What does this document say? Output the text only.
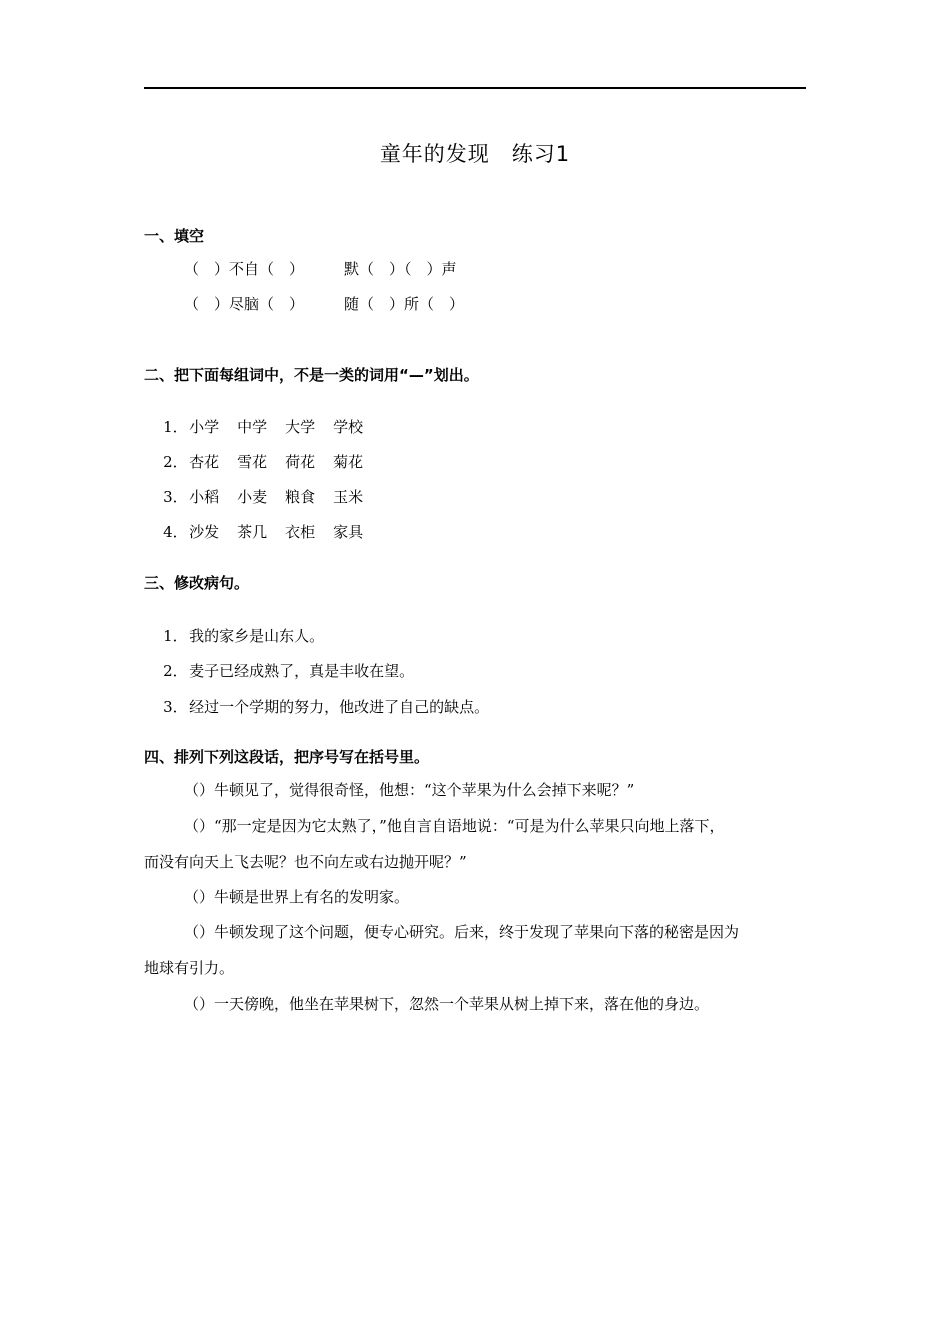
童年的发现　练习1
一、填空
（　）不自（　）	默（　）（　）声
（　）尽脑（　）	随（　）所（　）
二、把下面每组词中，不是一类的词用“—”划出。

1．小学 中学 大学 学校

2．杏花 雪花 荷花 菊花

3．小稻 小麦 粮食 玉米

4．沙发 茶几 衣柜 家具

三、修改病句。

1．我的家乡是山东人。

2．麦子已经成熟了，真是丰收在望。

3．经过一个学期的努力，他改进了自己的缺点。

四、排列下列这段话，把序号写在括号里。
（）牛顿见了，觉得很奇怪，他想：“这个苹果为什么会掉下来呢？”
（）“那一定是因为它太熟了，”他自言自语地说：“可是为什么苹果只向地上落下，
而没有向天上飞去呢？也不向左或右边抛开呢？”
（）牛顿是世界上有名的发明家。
（）牛顿发现了这个问题，便专心研究。后来，终于发现了苹果向下落的秘密是因为
地球有引力。
（）一天傍晚，他坐在苹果树下，忽然一个苹果从树上掉下来，落在他的身边。
